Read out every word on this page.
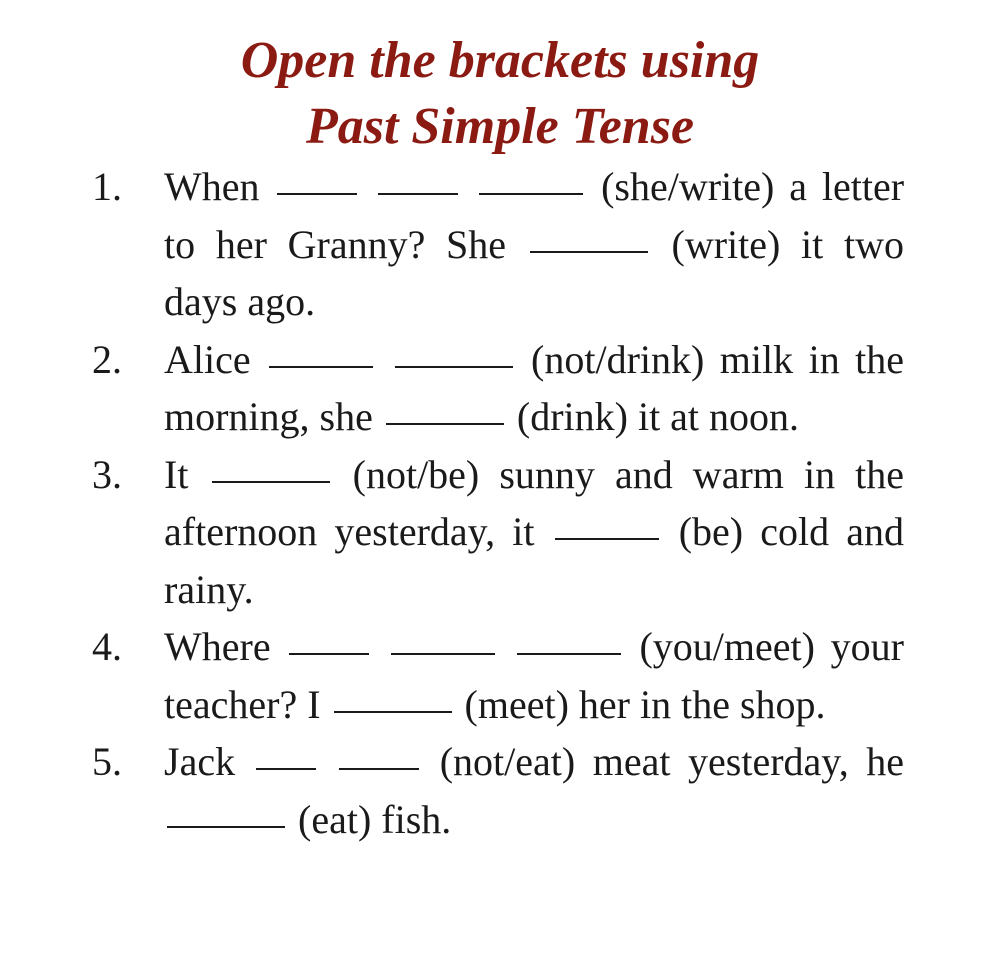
Open the brackets using
Past Simple Tense
1.	When	(she/write) a letter to her Granny? She	(write) it two days ago.
2.	Alice	(not/drink) milk in the morning, she	(drink) it at noon.
3.	It	(not/be) sunny and warm in the afternoon yesterday, it	(be) cold and rainy.
4.	Where	(you/meet) your teacher? I	(meet) her in the shop.
5.	Jack	(not/eat) meat yesterday, he  (eat) fish.
